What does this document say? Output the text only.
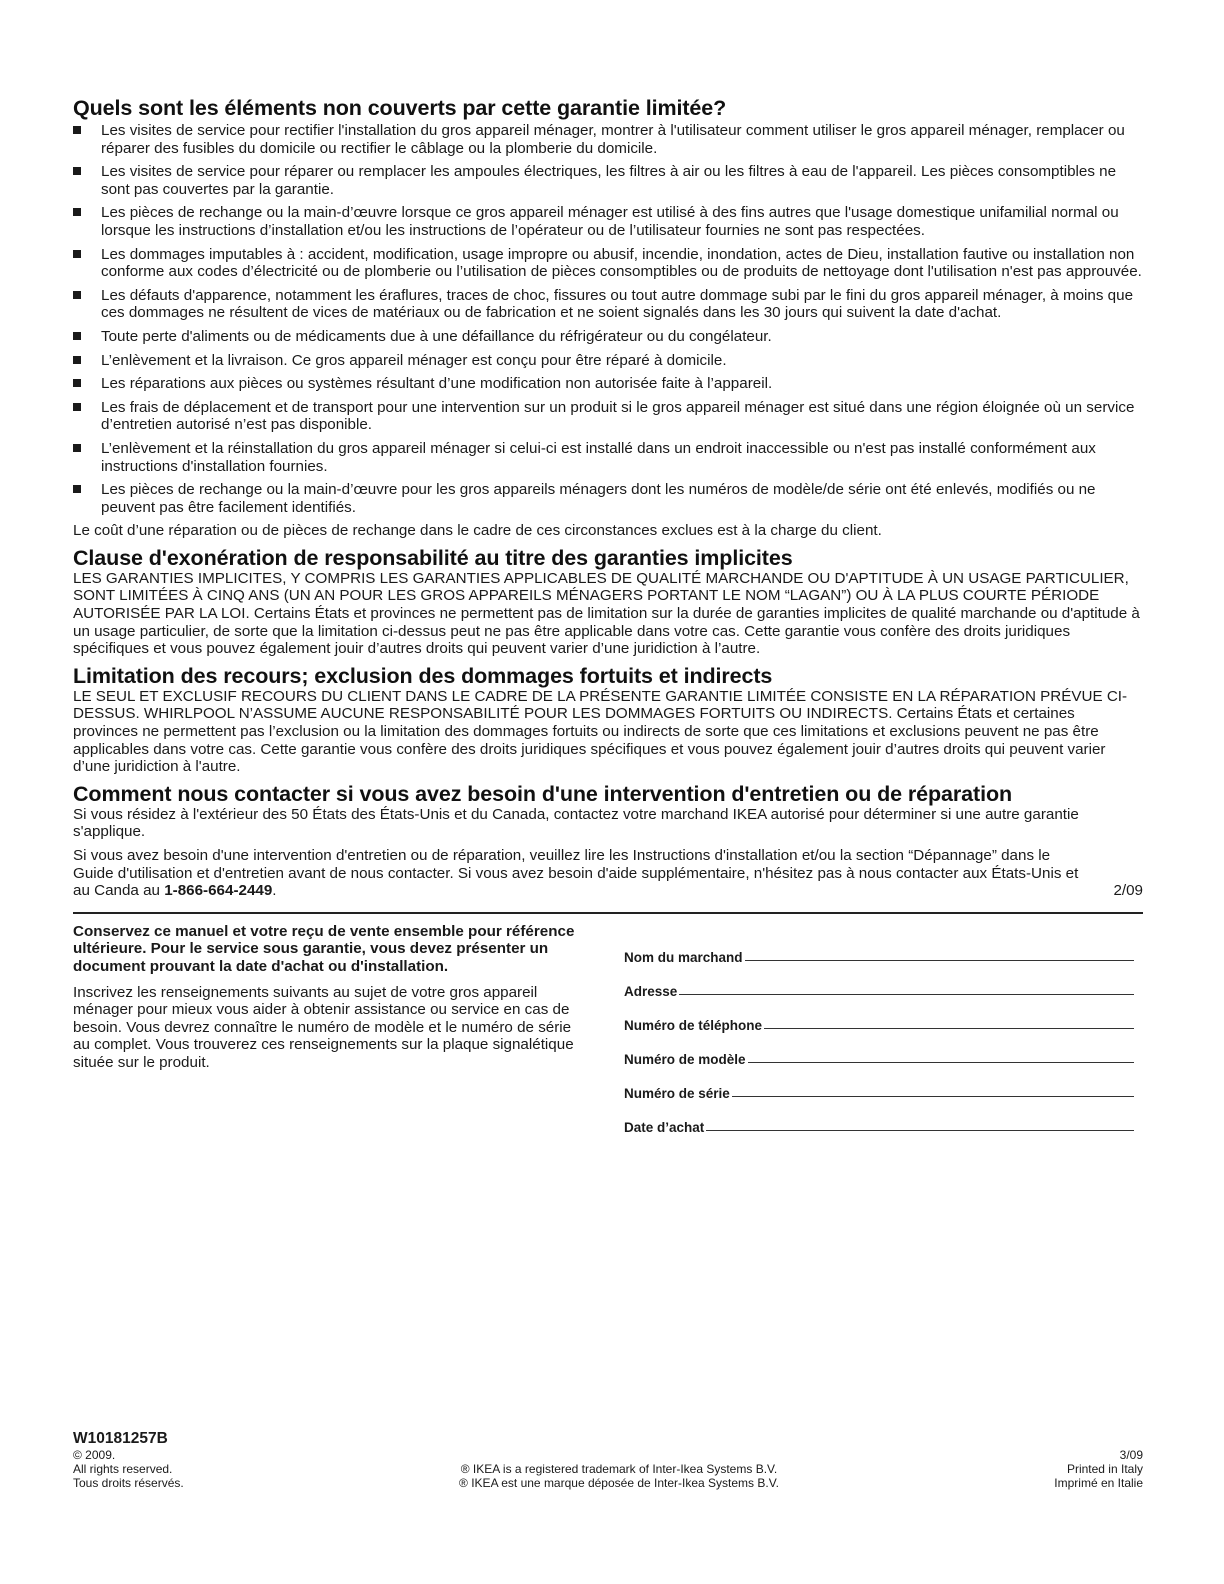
Quels sont les éléments non couverts par cette garantie limitée?
Les visites de service pour rectifier l'installation du gros appareil ménager, montrer à l'utilisateur comment utiliser le gros appareil ménager, remplacer ou réparer des fusibles du domicile ou rectifier le câblage ou la plomberie du domicile.
Les visites de service pour réparer ou remplacer les ampoules électriques, les filtres à air ou les filtres à eau de l'appareil. Les pièces consomptibles ne sont pas couvertes par la garantie.
Les pièces de rechange ou la main-d’œuvre lorsque ce gros appareil ménager est utilisé à des fins autres que l'usage domestique unifamilial normal ou lorsque les instructions d’installation et/ou les instructions de l’opérateur ou de l’utilisateur fournies ne sont pas respectées.
Les dommages imputables à : accident, modification, usage impropre ou abusif, incendie, inondation, actes de Dieu, installation fautive ou installation non conforme aux codes d’électricité ou de plomberie ou l’utilisation de pièces consomptibles ou de produits de nettoyage dont l'utilisation n'est pas approuvée.
Les défauts d'apparence, notamment les éraflures, traces de choc, fissures ou tout autre dommage subi par le fini du gros appareil ménager, à moins que ces dommages ne résultent de vices de matériaux ou de fabrication et ne soient signalés dans les 30 jours qui suivent la date d'achat.
Toute perte d'aliments ou de médicaments due à une défaillance du réfrigérateur ou du congélateur.
L’enlèvement et la livraison. Ce gros appareil ménager est conçu pour être réparé à domicile.
Les réparations aux pièces ou systèmes résultant d’une modification non autorisée faite à l’appareil.
Les frais de déplacement et de transport pour une intervention sur un produit si le gros appareil ménager est situé dans une région éloignée où un service d’entretien autorisé n’est pas disponible.
L’enlèvement et la réinstallation du gros appareil ménager si celui-ci est installé dans un endroit inaccessible ou n'est pas installé conformément aux instructions d'installation fournies.
Les pièces de rechange ou la main-d’œuvre pour les gros appareils ménagers dont les numéros de modèle/de série ont été enlevés, modifiés ou ne peuvent pas être facilement identifiés.

Le coût d’une réparation ou de pièces de rechange dans le cadre de ces circonstances exclues est à la charge du client.

Clause d'exonération de responsabilité au titre des garanties implicites

LES GARANTIES IMPLICITES, Y COMPRIS LES GARANTIES APPLICABLES DE QUALITÉ MARCHANDE OU D'APTITUDE À UN USAGE PARTICULIER, SONT LIMITÉES À CINQ ANS (UN AN POUR LES GROS APPAREILS MÉNAGERS PORTANT LE NOM “LAGAN”) OU À LA PLUS COURTE PÉRIODE AUTORISÉE PAR LA LOI. Certains États et provinces ne permettent pas de limitation sur la durée de garanties implicites de qualité marchande ou d'aptitude à un usage particulier, de sorte que la limitation ci-dessus peut ne pas être applicable dans votre cas. Cette garantie vous confère des droits juridiques spécifiques et vous pouvez également jouir d’autres droits qui peuvent varier d’une juridiction à l’autre.

Limitation des recours; exclusion des dommages fortuits et indirects

LE SEUL ET EXCLUSIF RECOURS DU CLIENT DANS LE CADRE DE LA PRÉSENTE GARANTIE LIMITÉE CONSISTE EN LA RÉPARATION PRÉVUE CI-DESSUS. WHIRLPOOL N’ASSUME AUCUNE RESPONSABILITÉ POUR LES DOMMAGES FORTUITS OU INDIRECTS. Certains États et certaines provinces ne permettent pas l’exclusion ou la limitation des dommages fortuits ou indirects de sorte que ces limitations et exclusions peuvent ne pas être applicables dans votre cas. Cette garantie vous confère des droits juridiques spécifiques et vous pouvez également jouir d’autres droits qui peuvent varier d’une juridiction à l'autre.

Comment nous contacter si vous avez besoin d'une intervention d'entretien ou de réparation

Si vous résidez à l'extérieur des 50 États des États-Unis et du Canada, contactez votre marchand IKEA autorisé pour déterminer si une autre garantie s'applique.

Si vous avez besoin d'une intervention d'entretien ou de réparation, veuillez lire les Instructions d'installation et/ou la section “Dépannage” dans le Guide d'utilisation et d'entretien avant de nous contacter. Si vous avez besoin d'aide supplémentaire, n'hésitez pas à nous contacter aux États-Unis et au Canda au 1-866-664-2449.	2/09

Conservez ce manuel et votre reçu de vente ensemble pour référence ultérieure. Pour le service sous garantie, vous devez présenter un document prouvant la date d'achat ou d'installation.

Inscrivez les renseignements suivants au sujet de votre gros appareil ménager pour mieux vous aider à obtenir assistance ou service en cas de besoin. Vous devrez connaître le numéro de modèle et le numéro de série au complet. Vous trouverez ces renseignements sur la plaque signalétique située sur le produit.

Nom du marchand
Adresse
Numéro de téléphone
Numéro de modèle
Numéro de série
Date d’achat
W10181257B
© 2009.
All rights reserved.
Tous droits réservés.
® IKEA is a registered trademark of Inter-Ikea Systems B.V.
® IKEA est une marque déposée de Inter-Ikea Systems B.V.
3/09
Printed in Italy
Imprimé en Italie
